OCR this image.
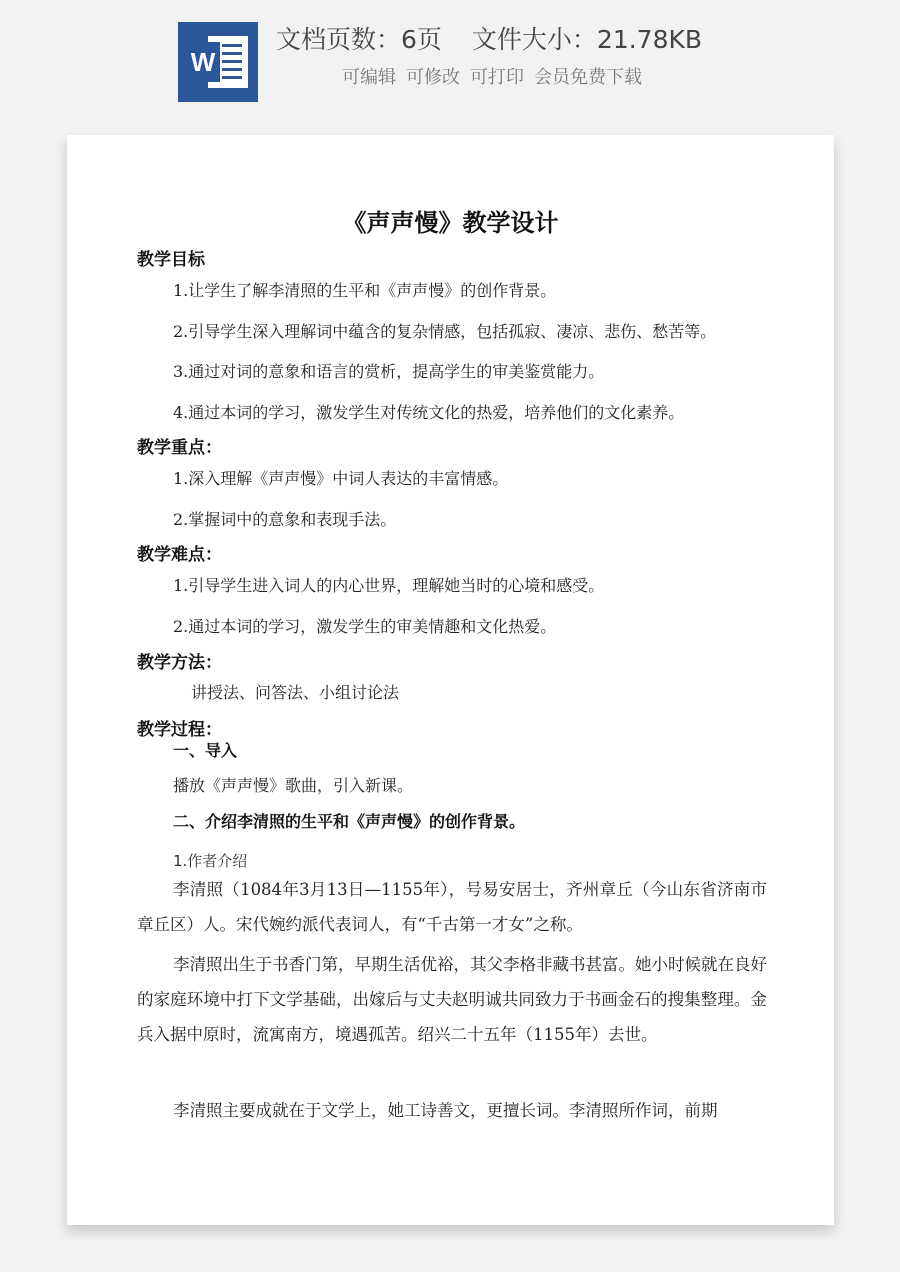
W
文档页数：6页 文件大小：21.78KB
可编辑 可修改 可打印 会员免费下载
《声声慢》教学设计
教学目标
1.让学生了解李清照的生平和《声声慢》的创作背景。
2.引导学生深入理解词中蕴含的复杂情感，包括孤寂、凄凉、悲伤、愁苦等。
3.通过对词的意象和语言的赏析，提高学生的审美鉴赏能力。
4.通过本词的学习，激发学生对传统文化的热爱，培养他们的文化素养。
教学重点：
1.深入理解《声声慢》中词人表达的丰富情感。
2.掌握词中的意象和表现手法。
教学难点：
1.引导学生进入词人的内心世界，理解她当时的心境和感受。
2.通过本词的学习，激发学生的审美情趣和文化热爱。
教学方法：
讲授法、问答法、小组讨论法
教学过程：
一、导入
播放《声声慢》歌曲，引入新课。
二、介绍李清照的生平和《声声慢》的创作背景。
1.作者介绍
李清照（1084年3月13日—1155年），号易安居士，齐州章丘（今山东省济南市章丘区）人。宋代婉约派代表词人，有“千古第一才女”之称。
李清照出生于书香门第，早期生活优裕，其父李格非藏书甚富。她小时候就在良好的家庭环境中打下文学基础，出嫁后与丈夫赵明诚共同致力于书画金石的搜集整理。金兵入据中原时，流寓南方，境遇孤苦。绍兴二十五年（1155年）去世。
李清照主要成就在于文学上，她工诗善文，更擅长词。李清照所作词，前期
